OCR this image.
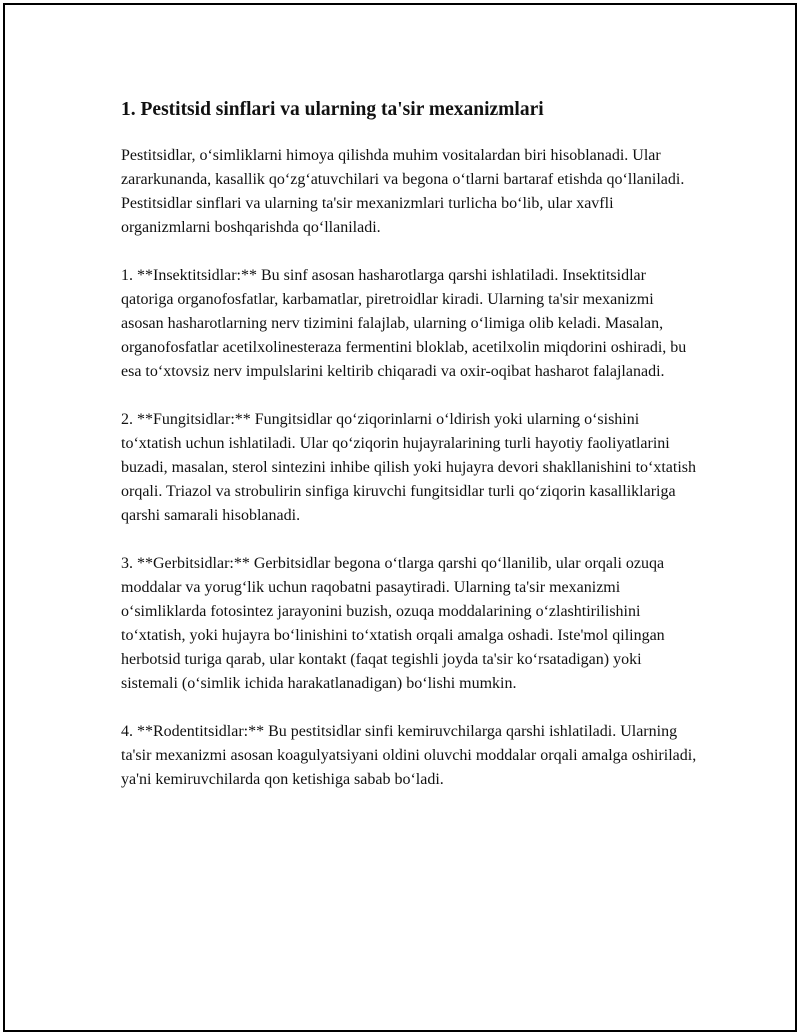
1. Pestitsid sinflari va ularning ta'sir mexanizmlari

Pestitsidlar, o‘simliklarni himoya qilishda muhim vositalardan biri hisoblanadi. Ular zararkunanda, kasallik qo‘zg‘atuvchilari va begona o‘tlarni bartaraf etishda qo‘llaniladi. Pestitsidlar sinflari va ularning ta'sir mexanizmlari turlicha bo‘lib, ular xavfli organizmlarni boshqarishda qo‘llaniladi.

1. **Insektitsidlar:** Bu sinf asosan hasharotlarga qarshi ishlatiladi. Insektitsidlar qatoriga organofosfatlar, karbamatlar, piretroidlar kiradi. Ularning ta'sir mexanizmi asosan hasharotlarning nerv tizimini falajlab, ularning o‘limiga olib keladi. Masalan, organofosfatlar acetilxolinesteraza fermentini bloklab, acetilxolin miqdorini oshiradi, bu esa to‘xtovsiz nerv impulslarini keltirib chiqaradi va oxir-oqibat hasharot falajlanadi.

2. **Fungitsidlar:** Fungitsidlar qo‘ziqorinlarni o‘ldirish yoki ularning o‘sishini to‘xtatish uchun ishlatiladi. Ular qo‘ziqorin hujayralarining turli hayotiy faoliyatlarini buzadi, masalan, sterol sintezini inhibe qilish yoki hujayra devori shakllanishini to‘xtatish orqali. Triazol va strobulirin sinfiga kiruvchi fungitsidlar turli qo‘ziqorin kasalliklariga qarshi samarali hisoblanadi.

3. **Gerbitsidlar:** Gerbitsidlar begona o‘tlarga qarshi qo‘llanilib, ular orqali ozuqa moddalar va yorug‘lik uchun raqobatni pasaytiradi. Ularning ta'sir mexanizmi o‘simliklarda fotosintez jarayonini buzish, ozuqa moddalarining o‘zlashtirilishini to‘xtatish, yoki hujayra bo‘linishini to‘xtatish orqali amalga oshadi. Iste'mol qilingan herbotsid turiga qarab, ular kontakt (faqat tegishli joyda ta'sir ko‘rsatadigan) yoki sistemali (o‘simlik ichida harakatlanadigan) bo‘lishi mumkin.

4. **Rodentitsidlar:** Bu pestitsidlar sinfi kemiruvchilarga qarshi ishlatiladi. Ularning ta'sir mexanizmi asosan koagulyatsiyani oldini oluvchi moddalar orqali amalga oshiriladi, ya'ni kemiruvchilarda qon ketishiga sabab bo‘ladi.
